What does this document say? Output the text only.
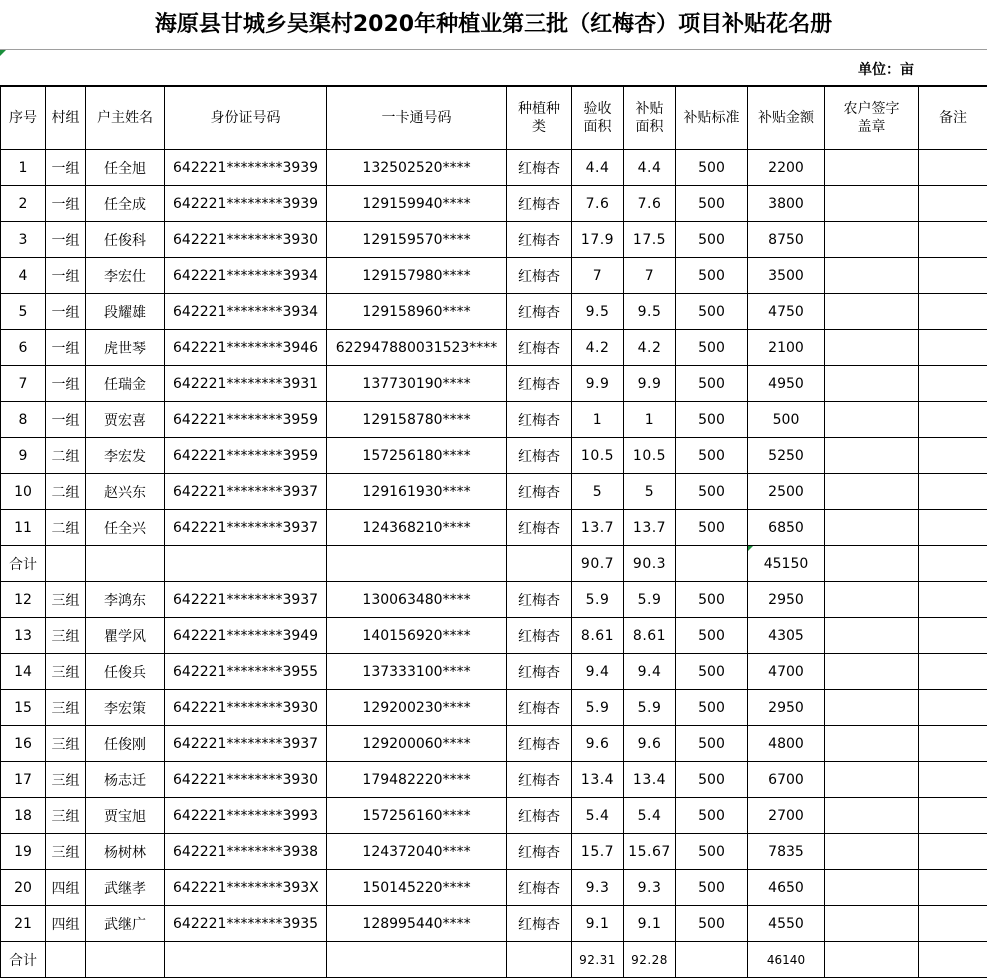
海原县甘城乡吴渠村2020年种植业第三批（红梅杏）项目补贴花名册
单位：亩
序号	村组	户主姓名	身份证号码	一卡通号码	种植种类	验收面积	补贴面积	补贴标准	补贴金额	农户签字盖章	备注
1	一组	任全旭	642221********3939	132502520****	红梅杏	4.4	4.4	500	2200		
2	一组	任全成	642221********3939	129159940****	红梅杏	7.6	7.6	500	3800		
3	一组	任俊科	642221********3930	129159570****	红梅杏	17.9	17.5	500	8750		
4	一组	李宏仕	642221********3934	129157980****	红梅杏	7	7	500	3500		
5	一组	段耀雄	642221********3934	129158960****	红梅杏	9.5	9.5	500	4750		
6	一组	虎世琴	642221********3946	622947880031523****	红梅杏	4.2	4.2	500	2100		
7	一组	任瑞金	642221********3931	137730190****	红梅杏	9.9	9.9	500	4950		
8	一组	贾宏喜	642221********3959	129158780****	红梅杏	1	1	500	500		
9	二组	李宏发	642221********3959	157256180****	红梅杏	10.5	10.5	500	5250		
10	二组	赵兴东	642221********3937	129161930****	红梅杏	5	5	500	2500		
11	二组	任全兴	642221********3937	124368210****	红梅杏	13.7	13.7	500	6850		
合计						90.7	90.3		45150		
12	三组	李鸿东	642221********3937	130063480****	红梅杏	5.9	5.9	500	2950		
13	三组	瞿学风	642221********3949	140156920****	红梅杏	8.61	8.61	500	4305		
14	三组	任俊兵	642221********3955	137333100****	红梅杏	9.4	9.4	500	4700		
15	三组	李宏策	642221********3930	129200230****	红梅杏	5.9	5.9	500	2950		
16	三组	任俊刚	642221********3937	129200060****	红梅杏	9.6	9.6	500	4800		
17	三组	杨志迁	642221********3930	179482220****	红梅杏	13.4	13.4	500	6700		
18	三组	贾宝旭	642221********3993	157256160****	红梅杏	5.4	5.4	500	2700		
19	三组	杨树林	642221********3938	124372040****	红梅杏	15.7	15.67	500	7835		
20	四组	武继孝	642221********393X	150145220****	红梅杏	9.3	9.3	500	4650		
21	四组	武继广	642221********3935	128995440****	红梅杏	9.1	9.1	500	4550		
合计						92.31	92.28		46140		
